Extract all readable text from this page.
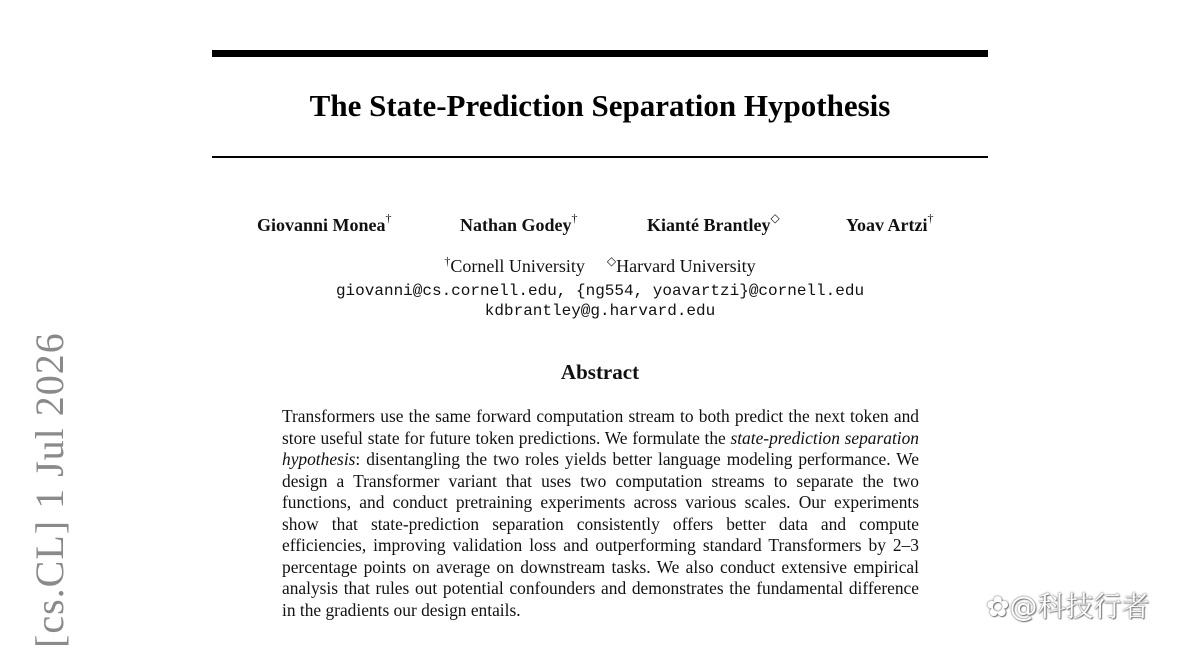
The State-Prediction Separation Hypothesis
Giovanni Monea†	Nathan Godey†	Kianté Brantley◇	Yoav Artzi†
†Cornell University ◇Harvard University
giovanni@cs.cornell.edu, {ng554, yoavartzi}@cornell.edu
kdbrantley@g.harvard.edu
Abstract
Transformers use the same forward computation stream to both predict the next token and store useful state for future token predictions. We formulate the state-prediction separation hypothesis: disentangling the two roles yields better language modeling performance. We design a Transformer variant that uses two computation streams to separate the two functions, and conduct pretraining experiments across various scales. Our experiments show that state-prediction separation consistently offers better data and compute efficiencies, improving validation loss and outperforming standard Transformers by 2–3 percentage points on average on downstream tasks. We also conduct extensive empirical analysis that rules out potential confounders and demonstrates the fundamental difference in the gradients our design entails.
[cs.CL] 1 Jul 2026	✿@科技行者
